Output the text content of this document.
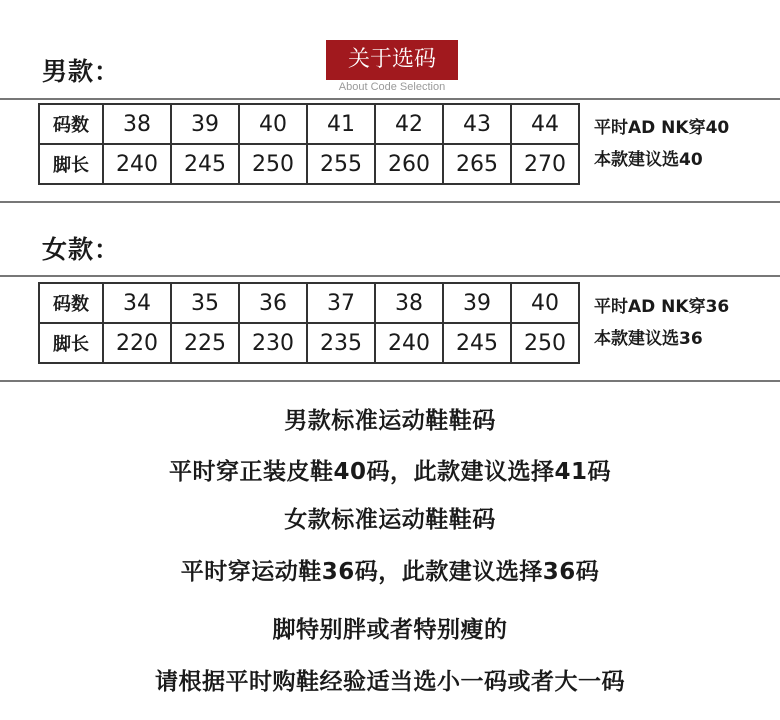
男款：	关于选码
About Code Selection
码数	38	39	40	41	42	43	44	平时AD NK穿40
本款建议选40

脚长	240	245	250	255	260	265	270	
女款：
码数	34	35	36	37	38	39	40	平时AD NK穿36
本款建议选36

脚长	220	225	230	235	240	245	250	
男款标准运动鞋鞋码
平时穿正装皮鞋40码，此款建议选择41码
女款标准运动鞋鞋码
平时穿运动鞋36码，此款建议选择36码
脚特别胖或者特别瘦的
请根据平时购鞋经验适当选小一码或者大一码
